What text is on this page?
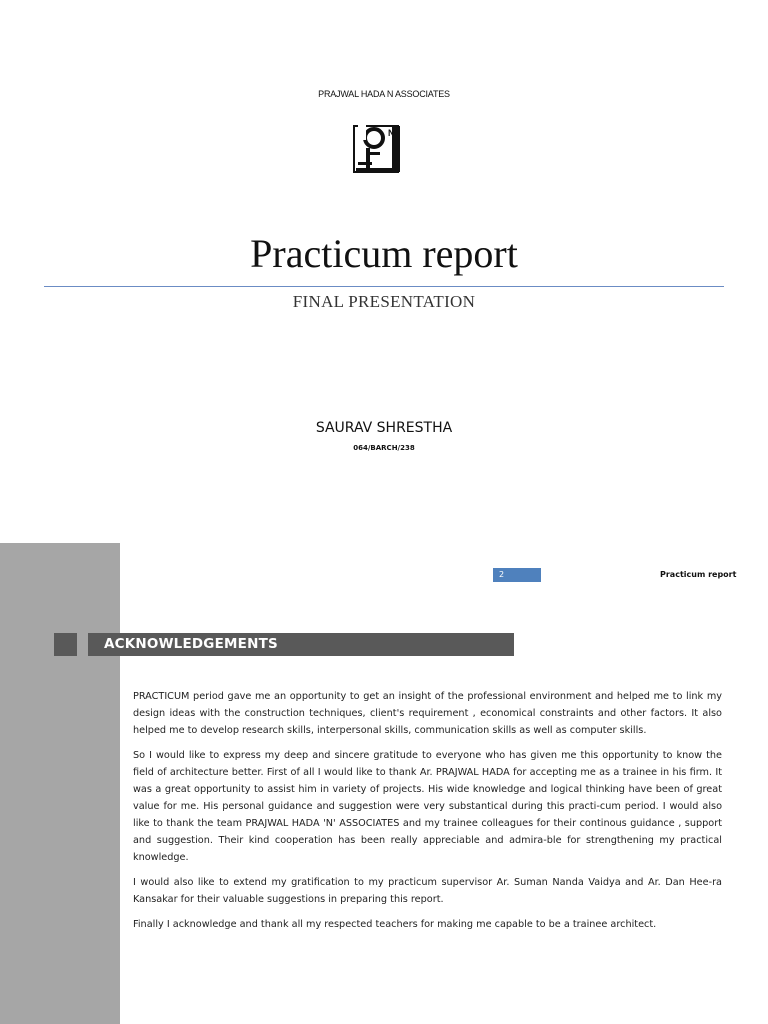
PRAJWAL HADA N ASSOCIATES
N
Practicum report
FINAL PRESENTATION
SAURAV SHRESTHA
064/BARCH/238
2	Practicum report
ACKNOWLEDGEMENTS

PRACTICUM period gave me an opportunity to get an insight of the professional environment and helped me to link my design ideas with the construction techniques, client's requirement , economical constraints and other factors. It also helped me to develop research skills, interpersonal skills, communication skills as well as computer skills.

So I would like to express my deep and sincere gratitude to everyone who has given me this opportunity to know the field of architecture better. First of all I would like to thank Ar. PRAJWAL HADA for accepting me as a trainee in his firm. It was a great opportunity to assist him in variety of projects. His wide knowledge and logical thinking have been of great value for me. His personal guidance and suggestion were very substantical during this practi-cum period. I would also like to thank the team PRAJWAL HADA 'N' ASSOCIATES and my trainee colleagues for their continous guidance , support and suggestion. Their kind cooperation has been really appreciable and admira-ble for strengthening my practical knowledge.

I would also like to extend my gratification to my practicum supervisor Ar. Suman Nanda Vaidya and Ar. Dan Hee-ra Kansakar for their valuable suggestions in preparing this report.

Finally I acknowledge and thank all my respected teachers for making me capable to be a trainee architect.
